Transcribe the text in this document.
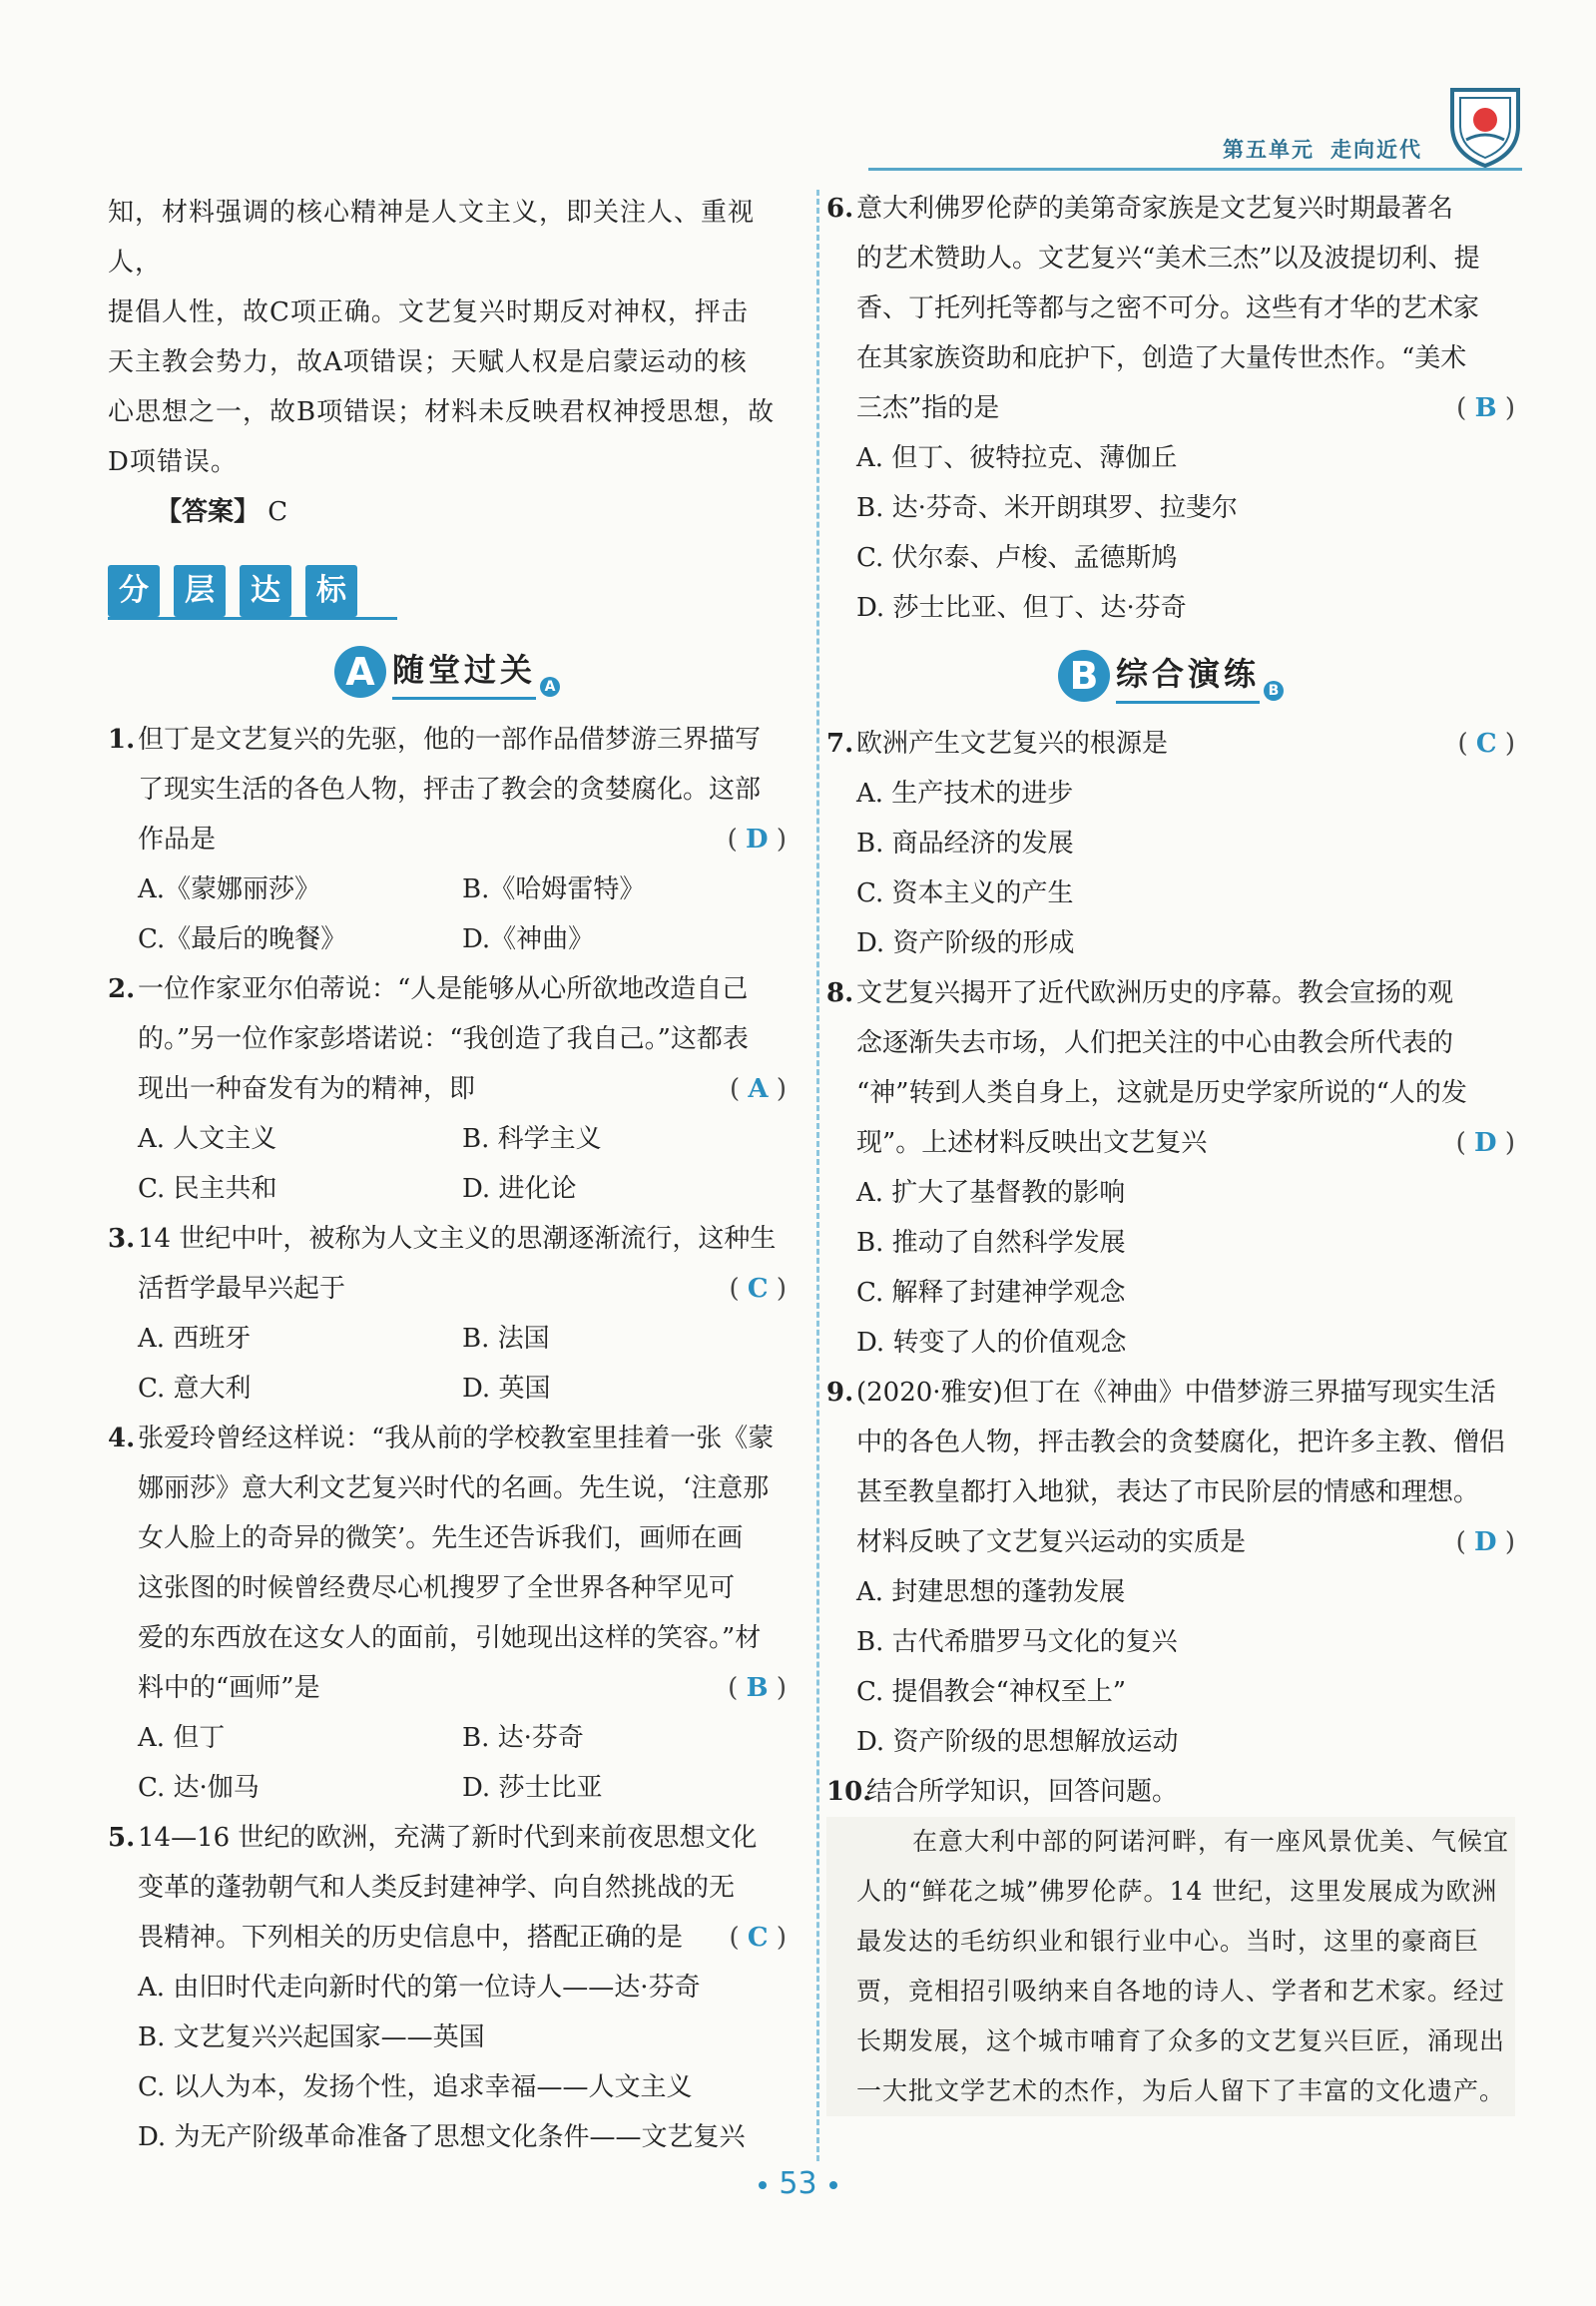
第五单元 走向近代

知，材料强调的核心精神是人文主义，即关注人、重视人，

提倡人性，故C项正确。文艺复兴时期反对神权，抨击

天主教会势力，故A项错误；天赋人权是启蒙运动的核

心思想之一，故B项错误；材料未反映君权神授思想，故

D项错误。

【答案】 C

分	层	达	标
A 随堂过关 A
1. 但丁是文艺复兴的先驱，他的一部作品借梦游三界描写

了现实生活的各色人物，抨击了教会的贪婪腐化。这部

作品是	( D )

A.《蒙娜丽莎》	B.《哈姆雷特》
C.《最后的晚餐》	D.《神曲》
2. 一位作家亚尔伯蒂说：“人是能够从心所欲地改造自己

的。”另一位作家彭塔诺说：“我创造了我自己。”这都表

现出一种奋发有为的精神，即	( A )

A. 人文主义	B. 科学主义
C. 民主共和	D. 进化论
3. 14 世纪中叶，被称为人文主义的思潮逐渐流行，这种生

活哲学最早兴起于	( C )

A. 西班牙	B. 法国
C. 意大利	D. 英国
4. 张爱玲曾经这样说：“我从前的学校教室里挂着一张《蒙

娜丽莎》意大利文艺复兴时代的名画。先生说，‘注意那

女人脸上的奇异的微笑’。先生还告诉我们，画师在画

这张图的时候曾经费尽心机搜罗了全世界各种罕见可

爱的东西放在这女人的面前，引她现出这样的笑容。”材

料中的“画师”是	( B )

A. 但丁	B. 达·芬奇
C. 达·伽马	D. 莎士比亚
5. 14—16 世纪的欧洲，充满了新时代到来前夜思想文化

变革的蓬勃朝气和人类反封建神学、向自然挑战的无

畏精神。下列相关的历史信息中，搭配正确的是 ( C )

A. 由旧时代走向新时代的第一位诗人——达·芬奇

B. 文艺复兴兴起国家——英国

C. 以人为本，发扬个性，追求幸福——人文主义

D. 为无产阶级革命准备了思想文化条件——文艺复兴

6. 意大利佛罗伦萨的美第奇家族是文艺复兴时期最著名

的艺术赞助人。文艺复兴“美术三杰”以及波提切利、提

香、丁托列托等都与之密不可分。这些有才华的艺术家

在其家族资助和庇护下，创造了大量传世杰作。“美术

三杰”指的是	( B )

A. 但丁、彼特拉克、薄伽丘

B. 达·芬奇、米开朗琪罗、拉斐尔

C. 伏尔泰、卢梭、孟德斯鸠

D. 莎士比亚、但丁、达·芬奇

B 综合演练 B
7. 欧洲产生文艺复兴的根源是	( C )

A. 生产技术的进步

B. 商品经济的发展

C. 资本主义的产生

D. 资产阶级的形成

8. 文艺复兴揭开了近代欧洲历史的序幕。教会宣扬的观

念逐渐失去市场，人们把关注的中心由教会所代表的

“神”转到人类自身上，这就是历史学家所说的“人的发

现”。上述材料反映出文艺复兴	( D )

A. 扩大了基督教的影响

B. 推动了自然科学发展

C. 解释了封建神学观念

D. 转变了人的价值观念

9. (2020·雅安)但丁在《神曲》中借梦游三界描写现实生活

中的各色人物，抨击教会的贪婪腐化，把许多主教、僧侣

甚至教皇都打入地狱，表达了市民阶层的情感和理想。

材料反映了文艺复兴运动的实质是	( D )

A. 封建思想的蓬勃发展

B. 古代希腊罗马文化的复兴

C. 提倡教会“神权至上”

D. 资产阶级的思想解放运动

10.

结合所学知识，回答问题。

在意大利中部的阿诺河畔，有一座风景优美、气候宜人的“鲜花之城”佛罗伦萨。14 世纪，这里发展成为欧洲最发达的毛纺织业和银行业中心。当时，这里的豪商巨贾，竞相招引吸纳来自各地的诗人、学者和艺术家。经过长期发展，这个城市哺育了众多的文艺复兴巨匠，涌现出一大批文学艺术的杰作，为后人留下了丰富的文化遗产。

53
